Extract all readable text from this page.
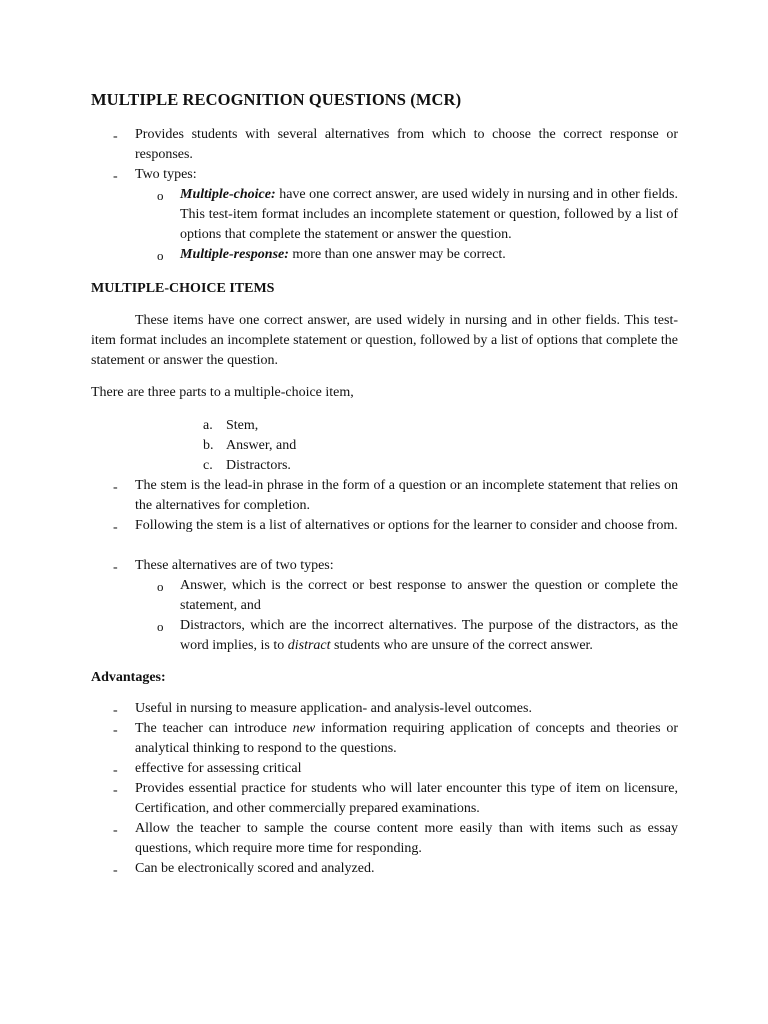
MULTIPLE RECOGNITION QUESTIONS (MCR)
- Provides students with several alternatives from which to choose the correct response or responses.
- Two types:
o Multiple-choice: have one correct answer, are used widely in nursing and in other fields. This test-item format includes an incomplete statement or question, followed by a list of options that complete the statement or answer the question.
o Multiple-response: more than one answer may be correct.
MULTIPLE-CHOICE ITEMS
These items have one correct answer, are used widely in nursing and in other fields. This test-item format includes an incomplete statement or question, followed by a list of options that complete the statement or answer the question.
There are three parts to a multiple-choice item,
a. Stem,
b. Answer, and
c. Distractors.
- The stem is the lead-in phrase in the form of a question or an incomplete statement that relies on the alternatives for completion.
- Following the stem is a list of alternatives or options for the learner to consider and choose from.
- These alternatives are of two types:
o Answer, which is the correct or best response to answer the question or complete the statement, and
o Distractors, which are the incorrect alternatives. The purpose of the distractors, as the word implies, is to distract students who are unsure of the correct answer.
Advantages:
- Useful in nursing to measure application- and analysis-level outcomes.
- The teacher can introduce new information requiring application of concepts and theories or analytical thinking to respond to the questions.
- effective for assessing critical
- Provides essential practice for students who will later encounter this type of item on licensure, Certification, and other commercially prepared examinations.
- Allow the teacher to sample the course content more easily than with items such as essay questions, which require more time for responding.
- Can be electronically scored and analyzed.
